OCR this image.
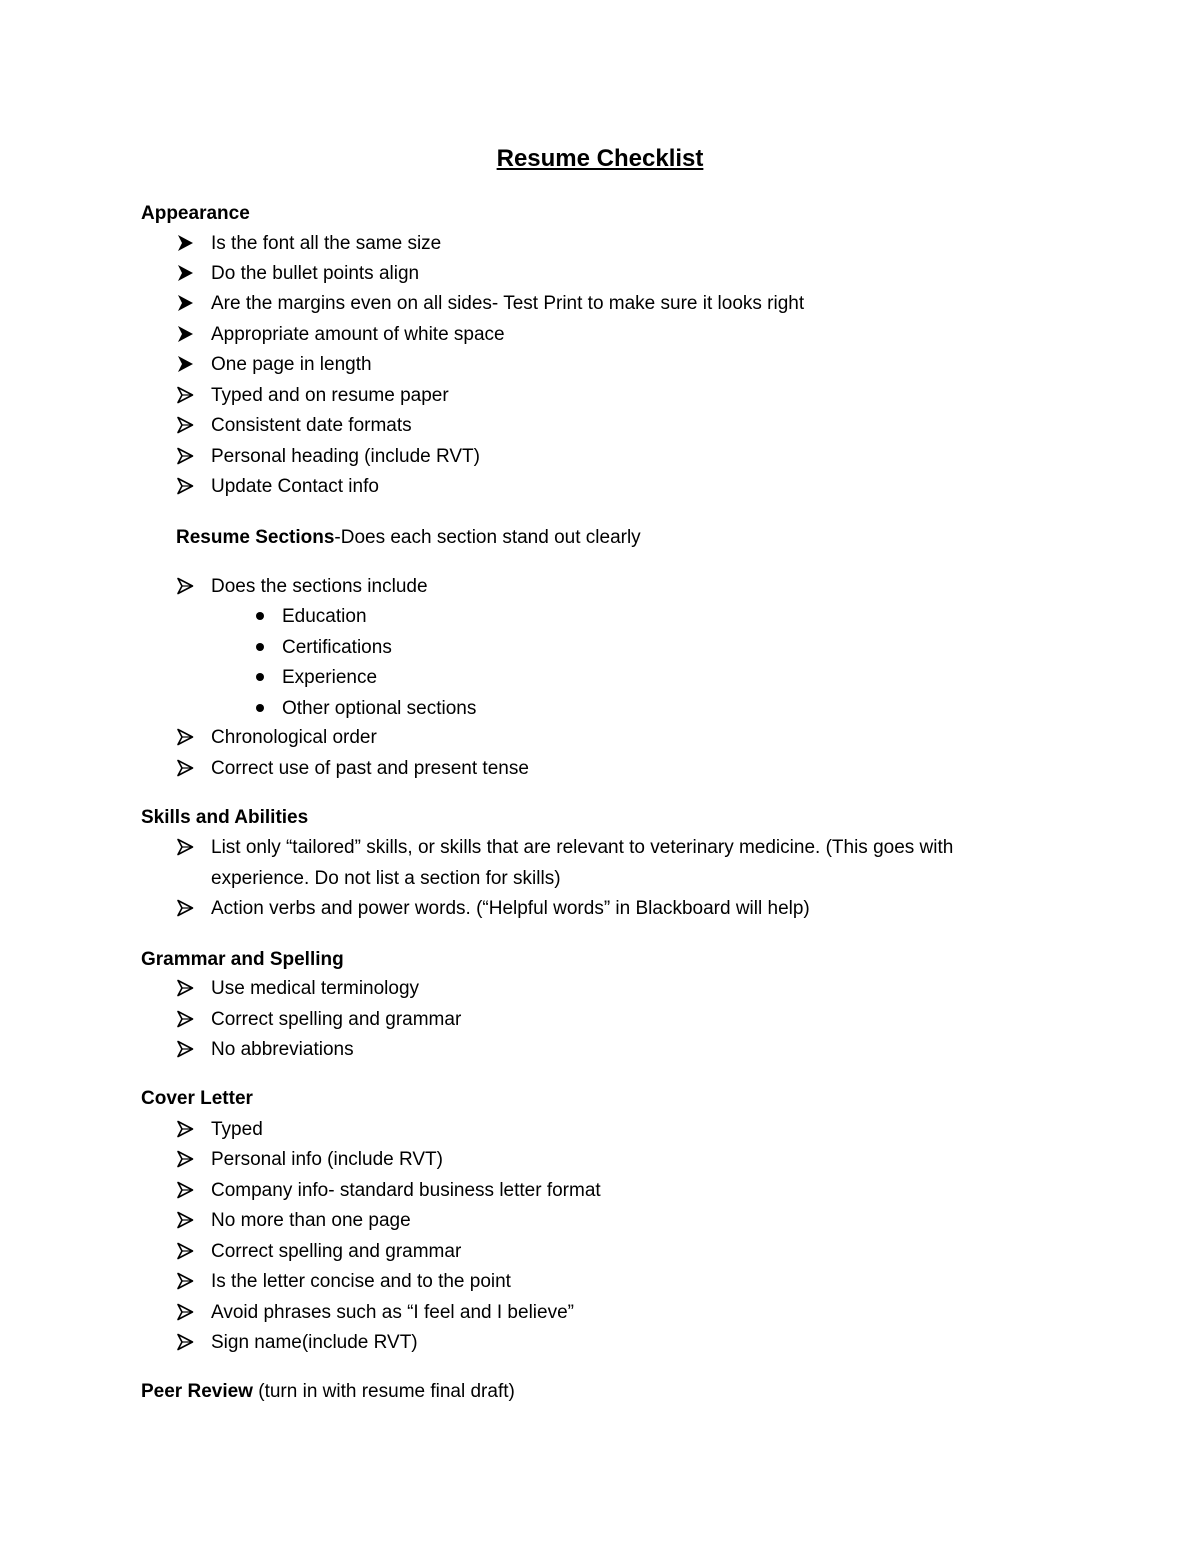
Resume Checklist
Appearance
Is the font all the same size
Do the bullet points align
Are the margins even on all sides- Test Print to make sure it looks right
Appropriate amount of white space
One page in length
Typed and on resume paper
Consistent date formats
Personal heading (include RVT)
Update Contact info
Resume Sections-Does each section stand out clearly
Does the sections include
Education
Certifications
Experience
Other optional sections
Chronological order
Correct use of past and present tense
Skills and Abilities
List only “tailored” skills, or skills that are relevant to veterinary medicine. (This goes with
experience. Do not list a section for skills)
Action verbs and power words. (“Helpful words” in Blackboard will help)
Grammar and Spelling
Use medical terminology
Correct spelling and grammar
No abbreviations
Cover Letter
Typed
Personal info (include RVT)
Company info- standard business letter format
No more than one page
Correct spelling and grammar
Is the letter concise and to the point
Avoid phrases such as “I feel and I believe”
Sign name(include RVT)
Peer Review (turn in with resume final draft)
